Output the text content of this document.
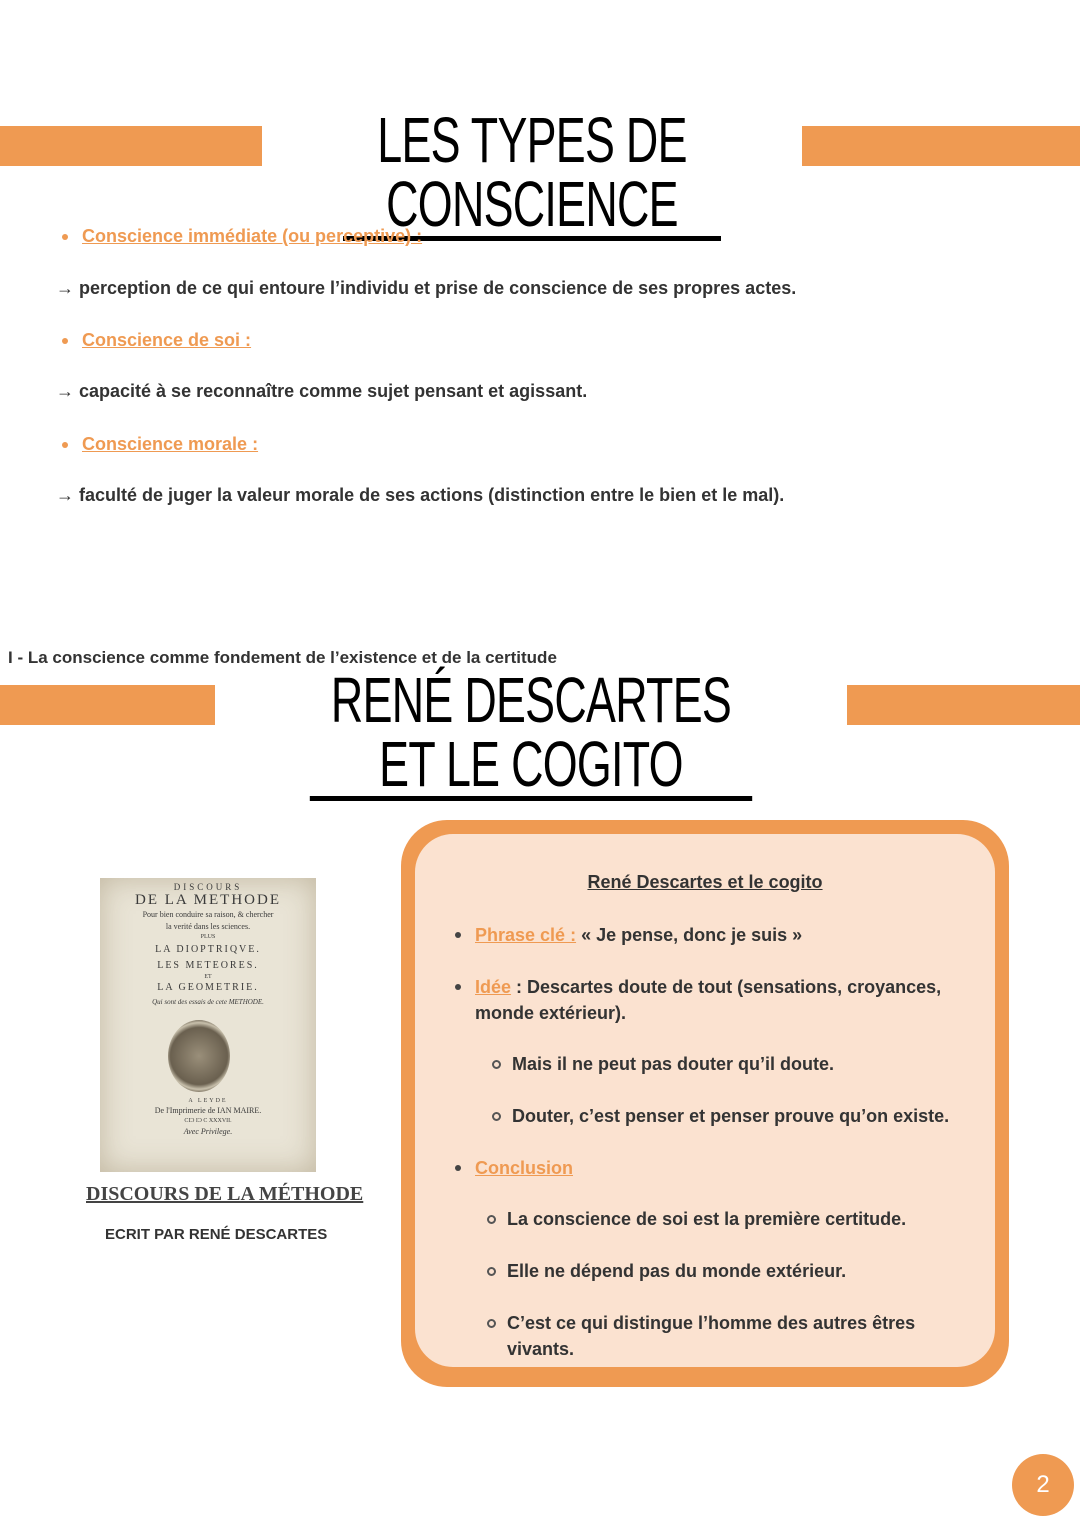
LES TYPES DE CONSCIENCE
Conscience immédiate (ou perceptive) :
→ perception de ce qui entoure l’individu et prise de conscience de ses propres actes.
Conscience de soi :
→ capacité à se reconnaître comme sujet pensant et agissant.
Conscience morale :
→ faculté de juger la valeur morale de ses actions (distinction entre le bien et le mal).
I - La conscience comme fondement de l’existence et de la certitude
RENÉ DESCARTES ET LE COGITO
DISCOURS
DE LA METHODE
Pour bien conduire sa raison, & chercher
la verité dans les sciences.
PLUS
LA DIOPTRIQVE.
LES METEORES.
ET
LA GEOMETRIE.
Qui sont des essais de cete METHODE.
A LEYDE
De l'Imprimerie de IAN MAIRE.
CIƆ IƆ C XXXVII.
Avec Privilege.
DISCOURS DE LA MÉTHODE
ECRIT PAR RENÉ DESCARTES
René Descartes et le cogito
Phrase clé : « Je pense, donc je suis »
Idée : Descartes doute de tout (sensations, croyances, monde extérieur).
Mais il ne peut pas douter qu’il doute.
Douter, c’est penser et penser prouve qu’on existe.
Conclusion
La conscience de soi est la première certitude.
Elle ne dépend pas du monde extérieur.
C’est ce qui distingue l’homme des autres êtres vivants.
2
